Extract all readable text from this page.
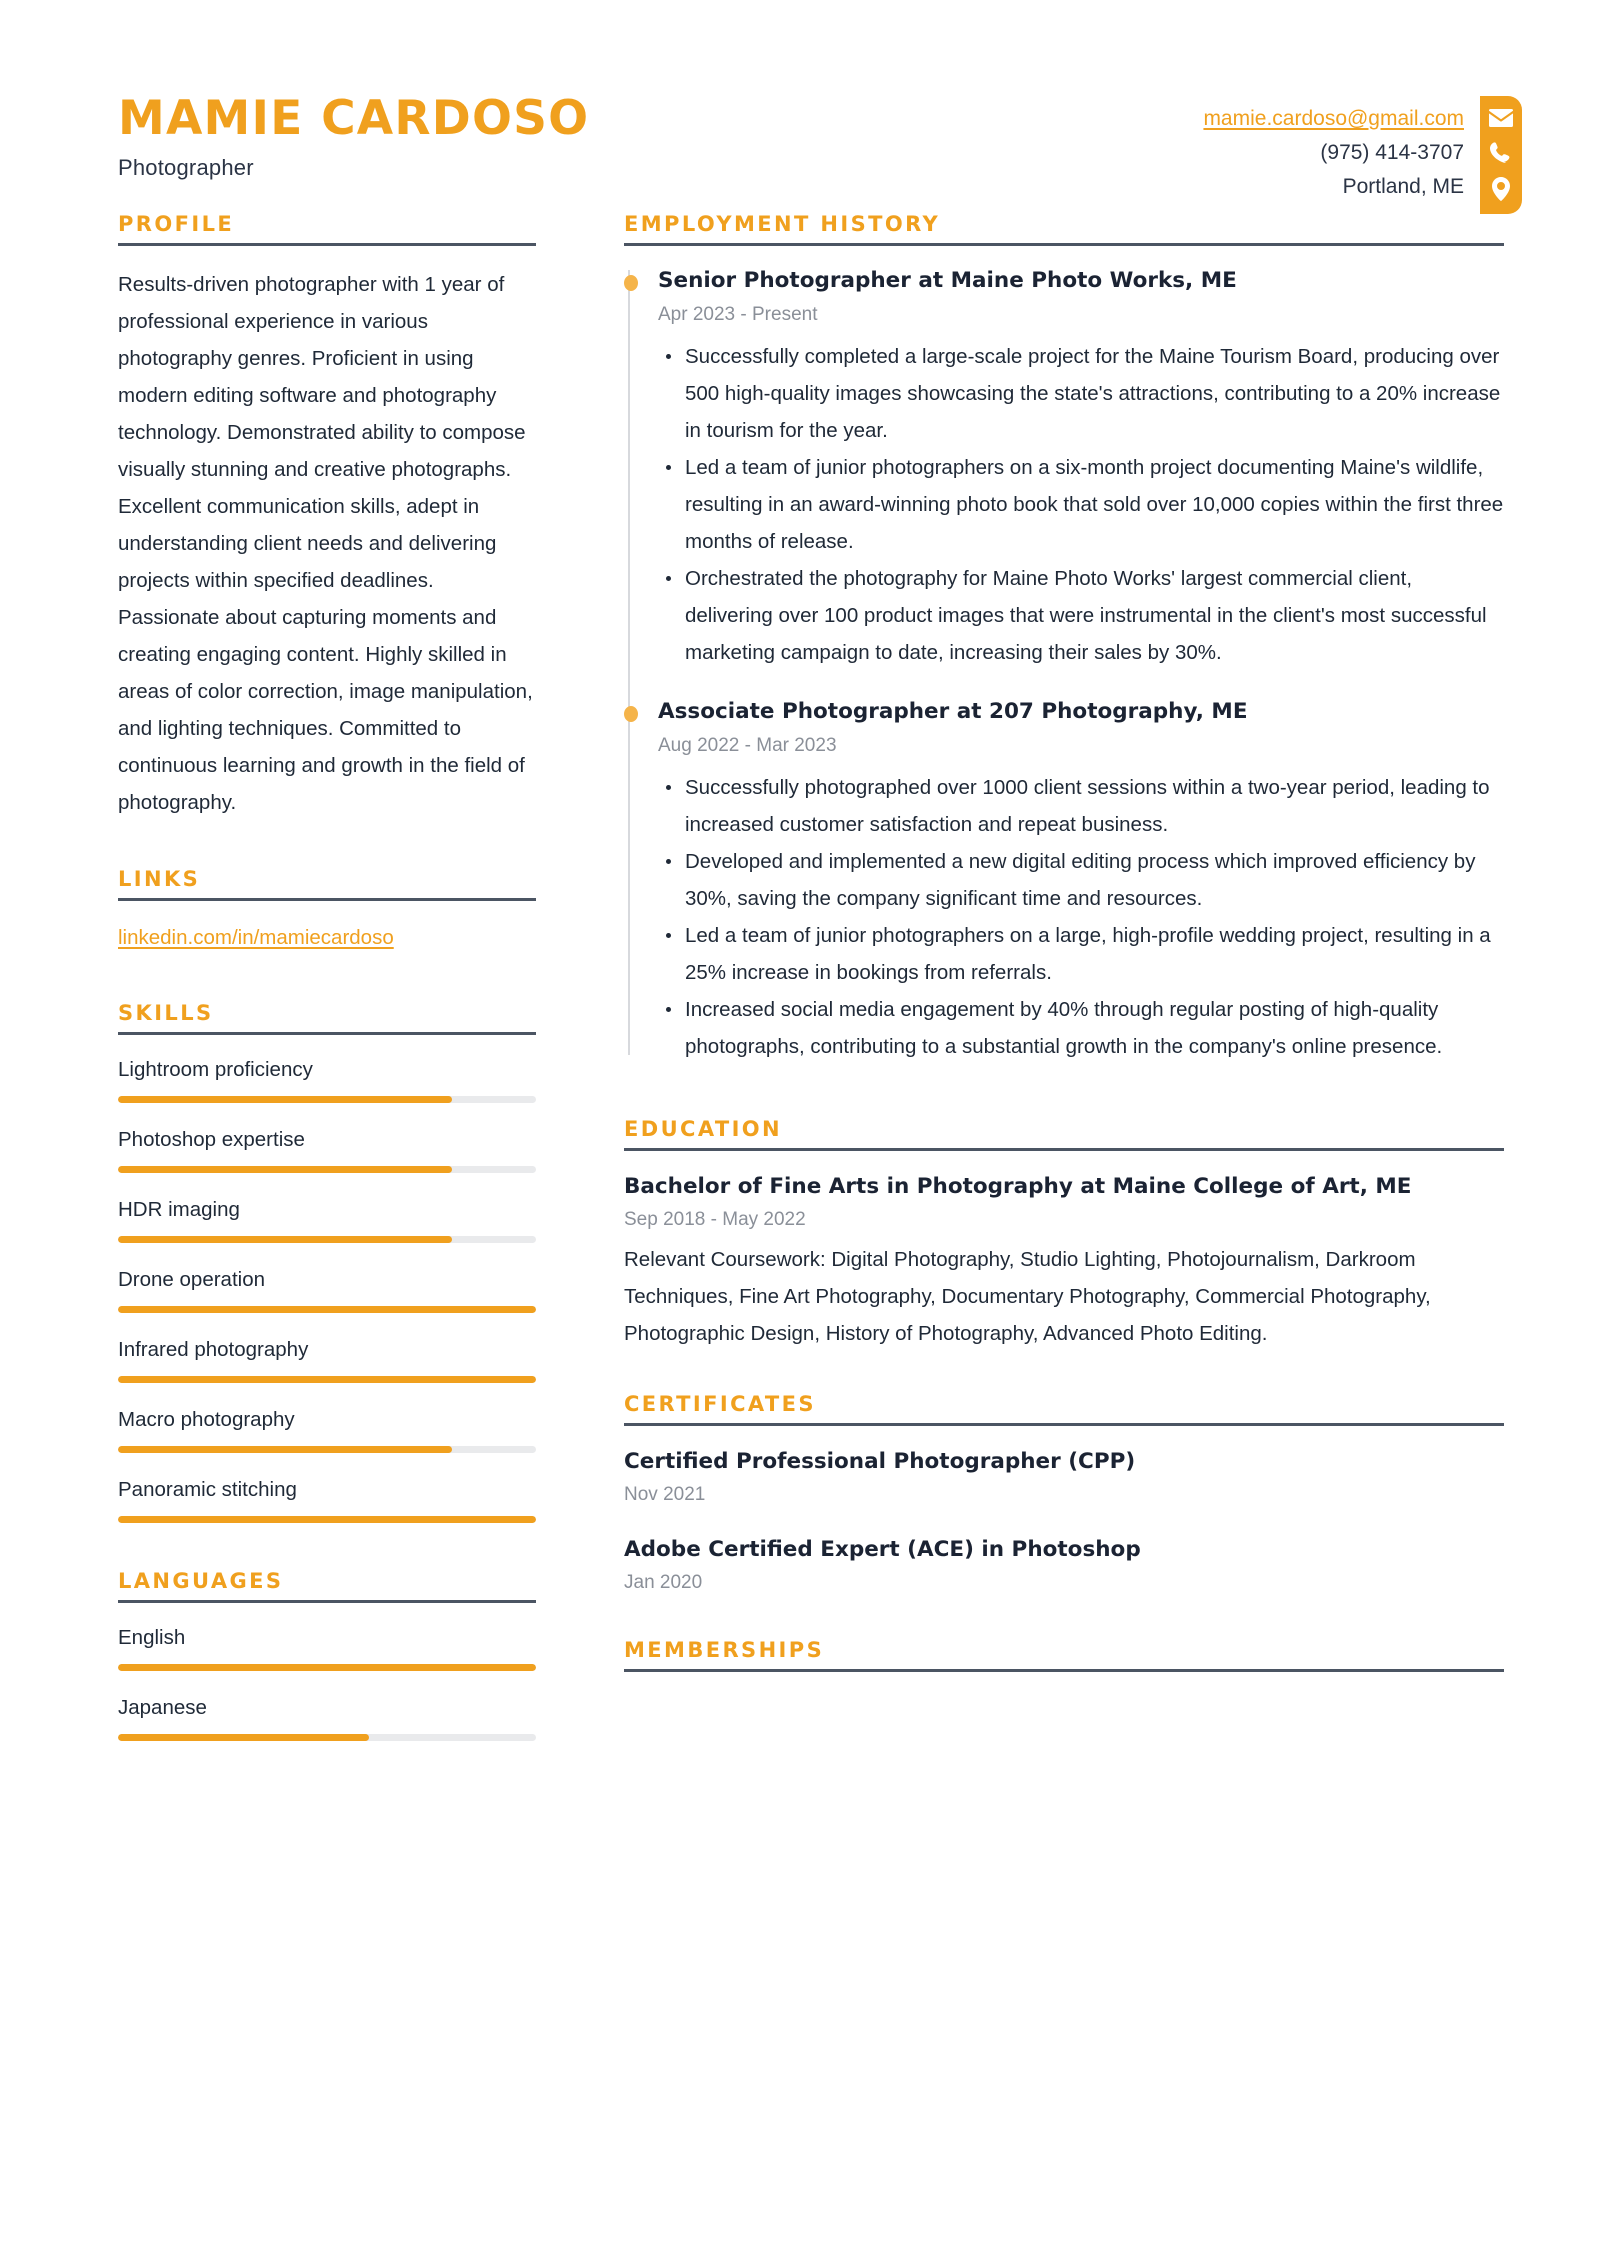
MAMIE CARDOSO
Photographer
mamie.cardoso@gmail.com
(975) 414-3707
Portland, ME
PROFILE
Results-driven photographer with 1 year of professional experience in various photography genres. Proficient in using modern editing software and photography technology. Demonstrated ability to compose visually stunning and creative photographs. Excellent communication skills, adept in understanding client needs and delivering projects within specified deadlines. Passionate about capturing moments and creating engaging content. Highly skilled in areas of color correction, image manipulation, and lighting techniques. Committed to continuous learning and growth in the field of photography.
LINKS
linkedin.com/in/mamiecardoso
SKILLS
Lightroom proficiency
Photoshop expertise
HDR imaging
Drone operation
Infrared photography
Macro photography
Panoramic stitching
LANGUAGES
English
Japanese
EMPLOYMENT HISTORY
Senior Photographer at Maine Photo Works, ME
Apr 2023 - Present
Successfully completed a large-scale project for the Maine Tourism Board, producing over 500 high-quality images showcasing the state's attractions, contributing to a 20% increase in tourism for the year.
Led a team of junior photographers on a six-month project documenting Maine's wildlife, resulting in an award-winning photo book that sold over 10,000 copies within the first three months of release.
Orchestrated the photography for Maine Photo Works' largest commercial client, delivering over 100 product images that were instrumental in the client's most successful marketing campaign to date, increasing their sales by 30%.
Associate Photographer at 207 Photography, ME
Aug 2022 - Mar 2023
Successfully photographed over 1000 client sessions within a two-year period, leading to increased customer satisfaction and repeat business.
Developed and implemented a new digital editing process which improved efficiency by 30%, saving the company significant time and resources.
Led a team of junior photographers on a large, high-profile wedding project, resulting in a 25% increase in bookings from referrals.
Increased social media engagement by 40% through regular posting of high-quality photographs, contributing to a substantial growth in the company's online presence.
EDUCATION
Bachelor of Fine Arts in Photography at Maine College of Art, ME
Sep 2018 - May 2022
Relevant Coursework: Digital Photography, Studio Lighting, Photojournalism, Darkroom Techniques, Fine Art Photography, Documentary Photography, Commercial Photography, Photographic Design, History of Photography, Advanced Photo Editing.
CERTIFICATES
Certified Professional Photographer (CPP)
Nov 2021
Adobe Certified Expert (ACE) in Photoshop
Jan 2020
MEMBERSHIPS
